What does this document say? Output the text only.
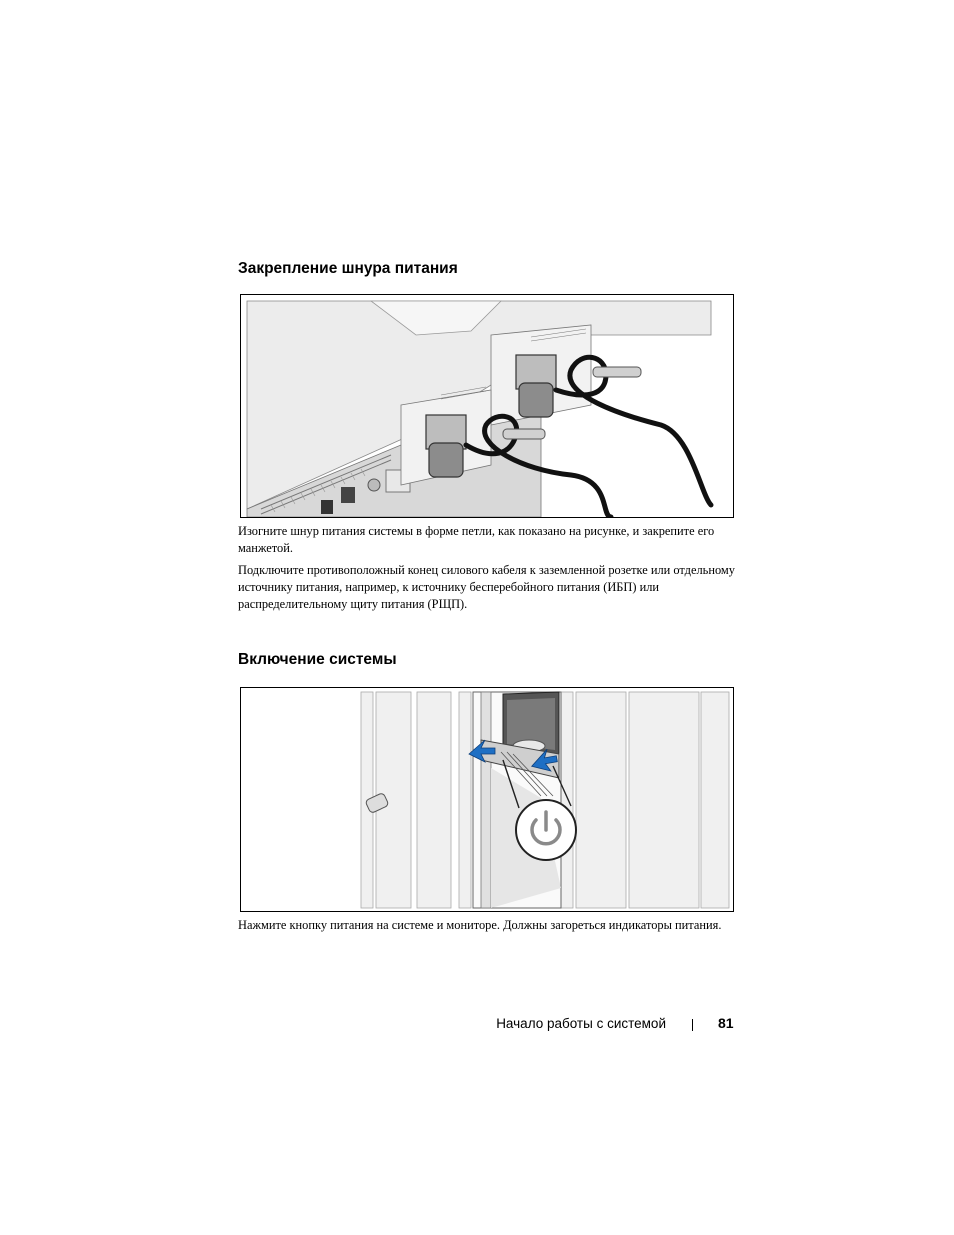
Закрепление шнура питания

Изогните шнур питания системы в форме петли, как показано на рисунке, и закрепите его манжетой.

Подключите противоположный конец силового кабеля к заземленной розетке или отдельному источнику питания, например, к источнику бесперебойного питания (ИБП) или распределительному щиту питания (РЩП).

Включение системы

Нажмите кнопку питания на системе и мониторе. Должны загореться индикаторы питания.

Начало работы с системой	81
